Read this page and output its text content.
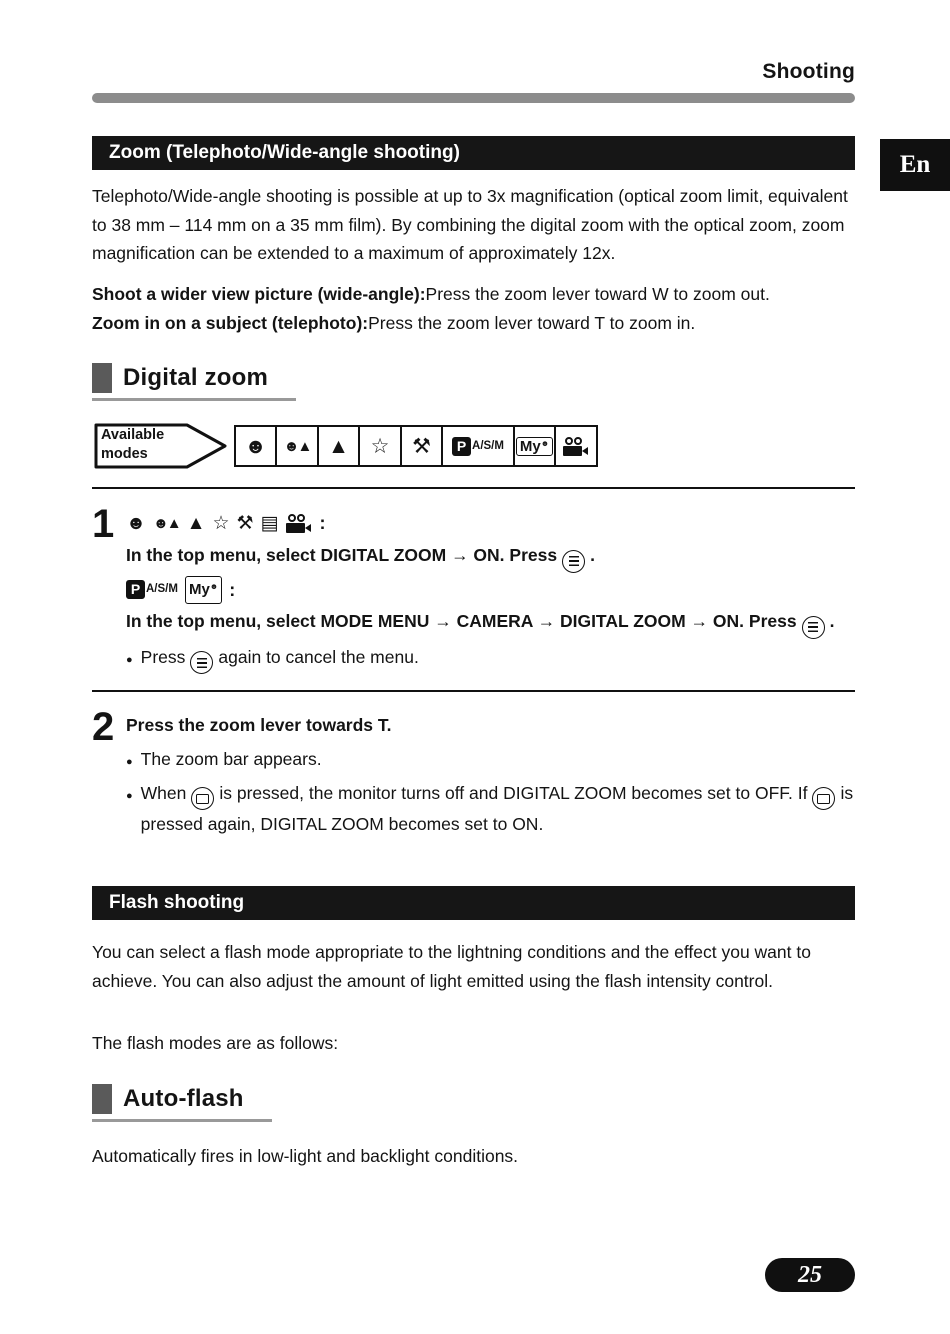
Shooting
Zoom (Telephoto/Wide-angle shooting)

Telephoto/Wide-angle shooting is possible at up to 3x magnification (optical zoom limit, equivalent to 38 mm – 114 mm on a 35 mm film). By combining the digital zoom with the optical zoom, zoom magnification can be extended to a maximum of approximately 12x.

Shoot a wider view picture (wide-angle):Press the zoom lever toward W to zoom out.

Zoom in on a subject (telephoto):Press the zoom lever toward T to zoom in.

Digital zoom
Available
modes	☻ ☻▲ ▲ ☆ ⚒	P A/S/M My☻
1 ☻ ☻▲ ▲ ☆ ⚒ ▤ :
In the top menu, select DIGITAL ZOOM → ON. Press .
P A/S/M My☻ :
In the top menu, select MODE MENU → CAMERA → DIGITAL ZOOM → ON. Press .
● Press again to cancel the menu.
2 Press the zoom lever towards T.
● The zoom bar appears.
● When is pressed, the monitor turns off and DIGITAL ZOOM becomes set to OFF. If is pressed again, DIGITAL ZOOM becomes set to ON.
Flash shooting

You can select a flash mode appropriate to the lightning conditions and the effect you want to achieve. You can also adjust the amount of light emitted using the flash intensity control.

The flash modes are as follows:

Auto-flash

Automatically fires in low-light and backlight conditions.

En
25
